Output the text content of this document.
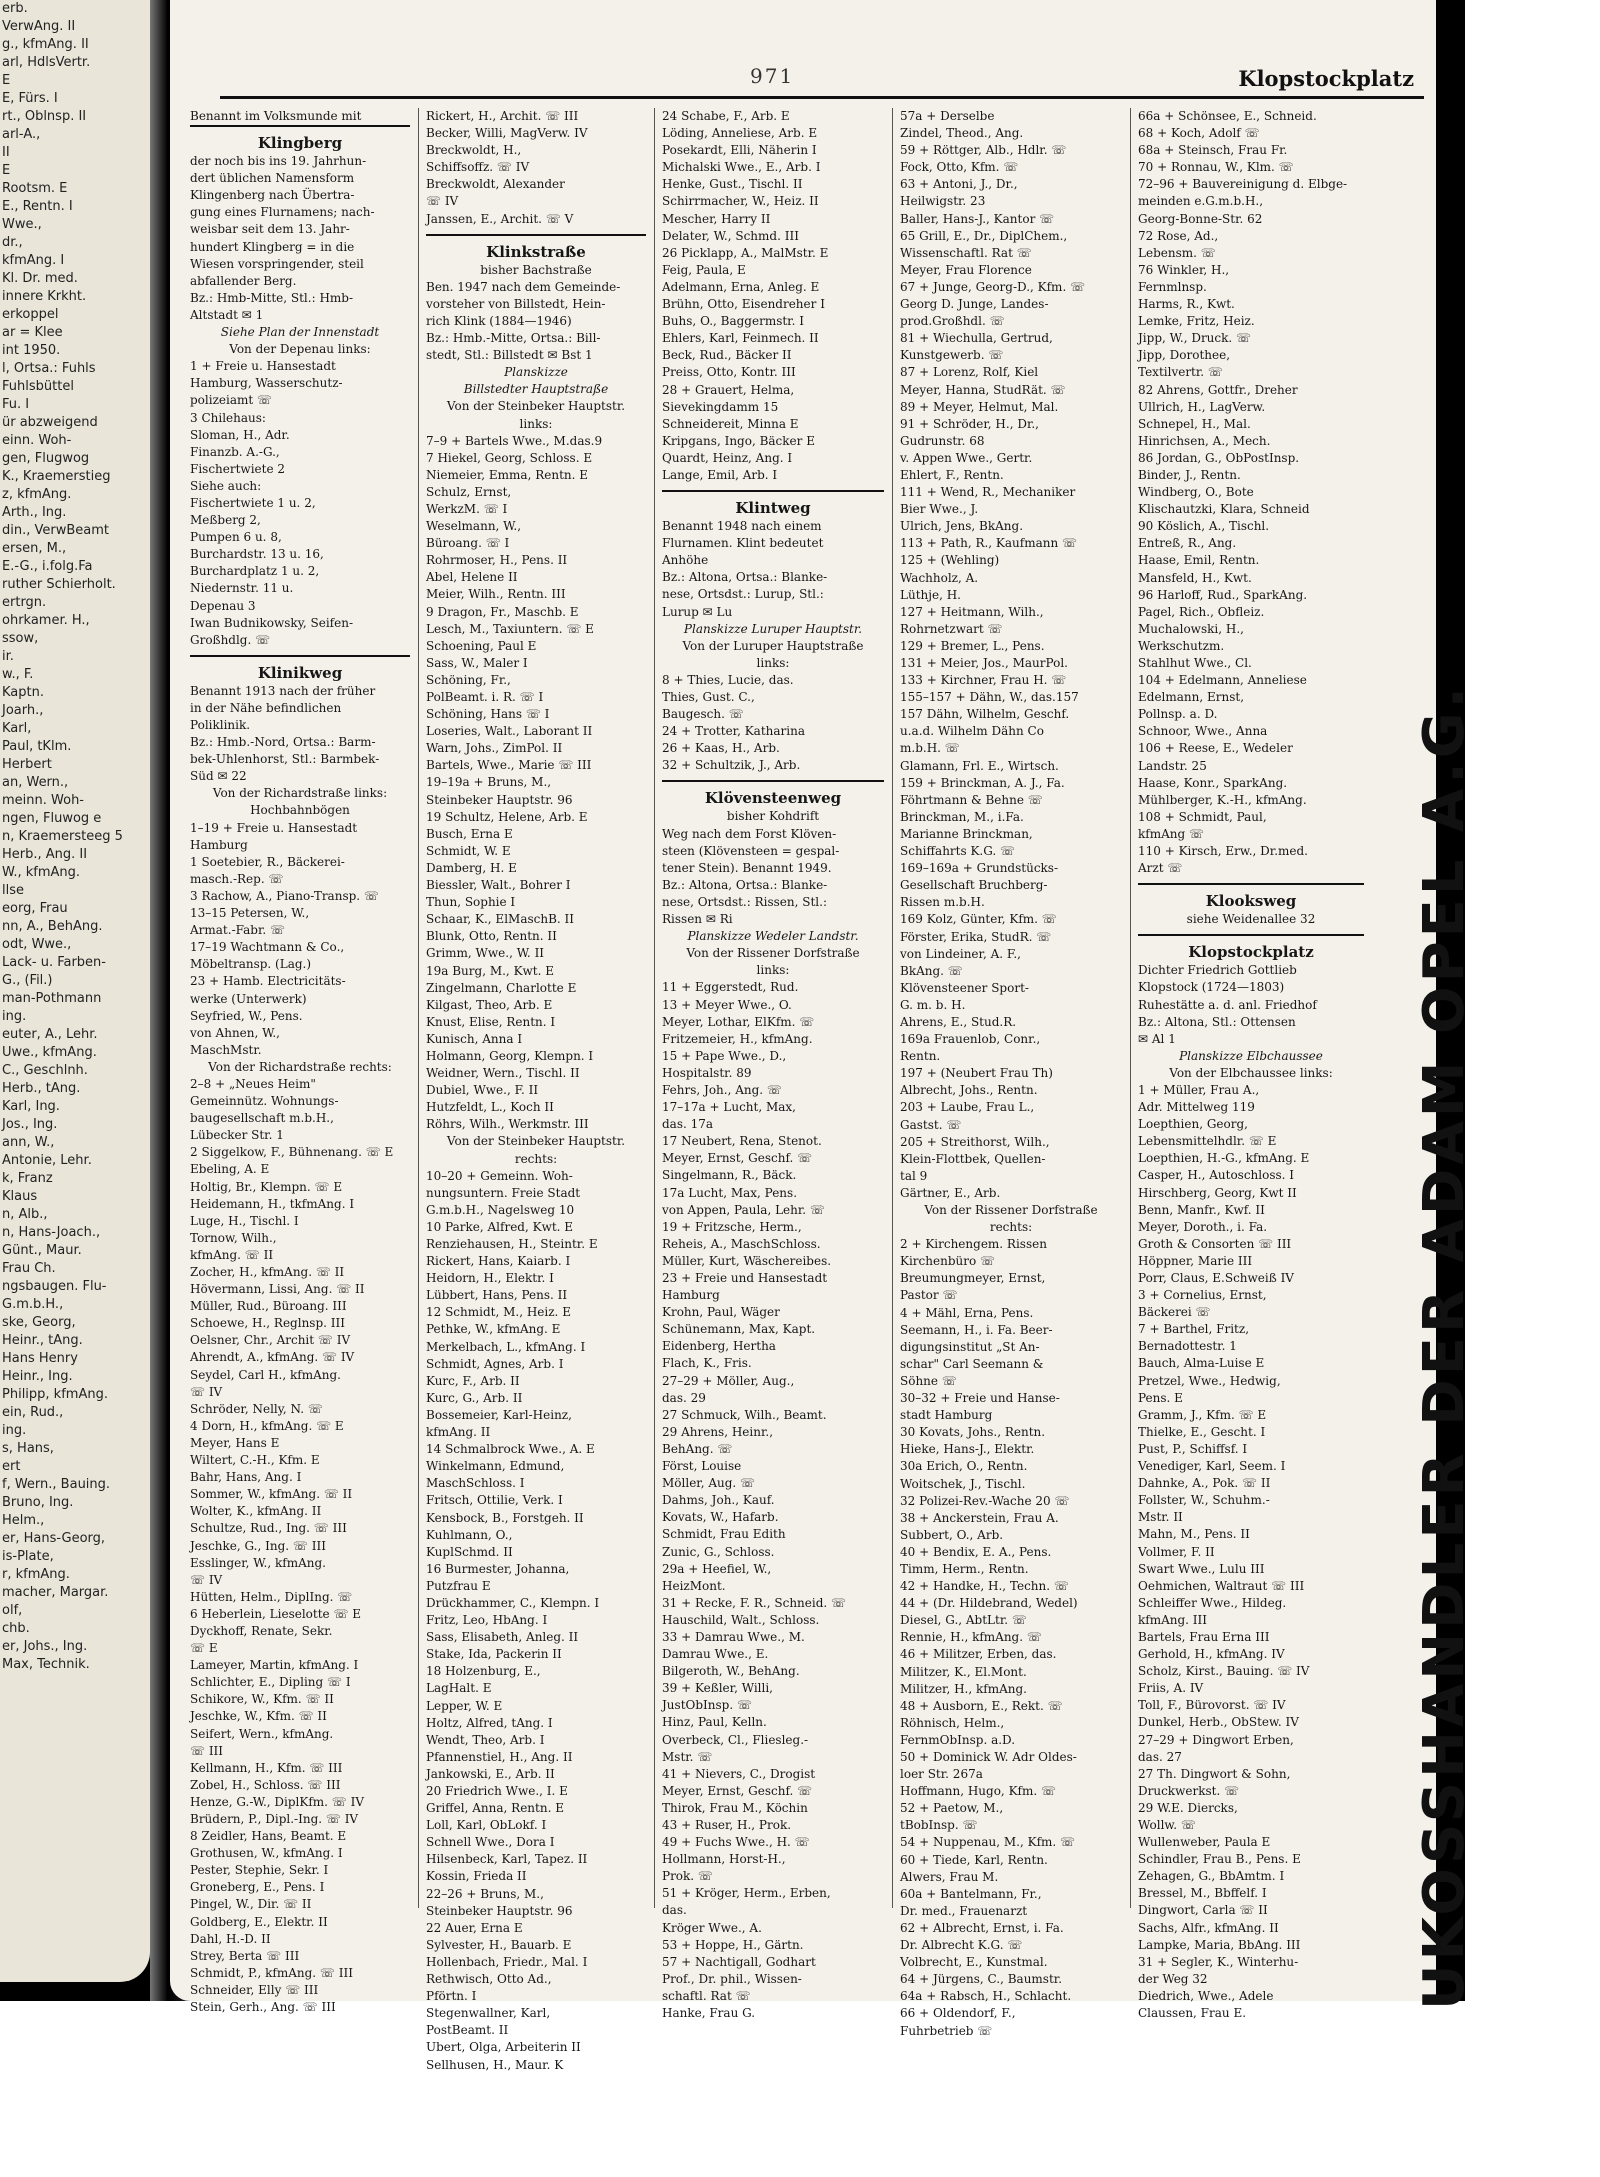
erb.
VerwAng. II
g., kfmAng. II
arl, HdlsVertr.
E
E, Fürs. I
rt., Oblnsp. II
arl-A.,
II
E
Rootsm. E
E., Rentn. I
Wwe.,
dr.,
kfmAng. I
Kl. Dr. med.
innere Krkht.
erkoppel
ar = Klee
int 1950.
l, Ortsa.: Fuhls
Fuhlsbüttel
Fu. I
ür abzweigend
einn. Woh-
gen, Flugwog
K., Kraemerstieg
z, kfmAng.
Arth., Ing.
din., VerwBeamt
ersen, M.,
E.-G., i.folg.Fa
ruther Schierholt.
ertrgn.
ohrkamer. H.,
ssow,
ir.
w., F.
Kaptn.
Joarh.,
Karl,
Paul, tKlm.
Herbert
an, Wern.,
meinn. Woh-
ngen, Fluwog e
n, Kraemersteeg 5
Herb., Ang. II
W., kfmAng.
llse
eorg, Frau
nn, A., BehAng.
odt, Wwe.,
Lack- u. Farben-
G., (Fil.)
man-Pothmann
ing.
euter, A., Lehr.
Uwe., kfmAng.
C., Geschlnh.
Herb., tAng.
Karl, Ing.
Jos., Ing.
ann, W.,
Antonie, Lehr.
k, Franz
Klaus
n, Alb.,
n, Hans-Joach.,
Günt., Maur.
Frau Ch.
ngsbaugen. Flu-
G.m.b.H.,
ske, Georg,
Heinr., tAng.
Hans Henry
Heinr., Ing.
Philipp, kfmAng.
ein, Rud.,
ing.
s, Hans,
ert
f, Wern., Bauing.
Bruno, Ing.
Helm.,
er, Hans-Georg,
is-Plate,
r, kfmAng.
macher, Margar.
olf,
chb.
er, Johs., Ing.
Max, Technik.
971	Klopstockplatz
Benannt im Volksmunde mit
Klingberg
der noch bis ins 19. Jahrhun-
dert üblichen Namensform
Klingenberg nach Übertra-
gung eines Flurnamens; nach-
weisbar seit dem 13. Jahr-
hundert Klingberg = in die
Wiesen vorspringender, steil
abfallender Berg.
Bz.: Hmb-Mitte, Stl.: Hmb-
Altstadt ✉ 1
Siehe Plan der Innenstadt
Von der Depenau links:
1 + Freie u. Hansestadt
Hamburg, Wasserschutz-
polizeiamt ☏
3 Chilehaus:
Sloman, H., Adr.
Finanzb. A.-G.,
Fischertwiete 2
Siehe auch:
Fischertwiete 1 u. 2,
Meßberg 2,
Pumpen 6 u. 8,
Burchardstr. 13 u. 16,
Burchardplatz 1 u. 2,
Niedernstr. 11 u.
Depenau 3
Iwan Budnikowsky, Seifen-
Großhdlg. ☏
Klinikweg
Benannt 1913 nach der früher
in der Nähe befindlichen
Poliklinik.
Bz.: Hmb.-Nord, Ortsa.: Barm-
bek-Uhlenhorst, Stl.: Barmbek-
Süd ✉ 22
Von der Richardstraße links:
Hochbahnbögen
1–19 + Freie u. Hansestadt
Hamburg
1 Soetebier, R., Bäckerei-
masch.-Rep. ☏
3 Rachow, A., Piano-Transp. ☏
13–15 Petersen, W.,
Armat.-Fabr. ☏
17–19 Wachtmann & Co.,
Möbeltransp. (Lag.)
23 + Hamb. Electricitäts-
werke (Unterwerk)
Seyfried, W., Pens.
von Ahnen, W.,
MaschMstr.
Von der Richardstraße rechts:
2–8 + „Neues Heim"
Gemeinnütz. Wohnungs-
baugesellschaft m.b.H.,
Lübecker Str. 1
2 Siggelkow, F., Bühnenang. ☏ E
Ebeling, A. E
Holtig, Br., Klempn. ☏ E
Heidemann, H., tkfmAng. I
Luge, H., Tischl. I
Tornow, Wilh.,
kfmAng. ☏ II
Zocher, H., kfmAng. ☏ II
Hövermann, Lissi, Ang. ☏ II
Müller, Rud., Büroang. III
Schoewe, H., Reglnsp. III
Oelsner, Chr., Archit ☏ IV
Ahrendt, A., kfmAng. ☏ IV
Seydel, Carl H., kfmAng.
☏ IV
Schröder, Nelly, N. ☏
4 Dorn, H., kfmAng. ☏ E
Meyer, Hans E
Wiltert, C.-H., Kfm. E
Bahr, Hans, Ang. I
Sommer, W., kfmAng. ☏ II
Wolter, K., kfmAng. II
Schultze, Rud., Ing. ☏ III
Jeschke, G., Ing. ☏ III
Esslinger, W., kfmAng.
☏ IV
Hütten, Helm., DiplIng. ☏
6 Heberlein, Lieselotte ☏ E
Dyckhoff, Renate, Sekr.
☏ E
Lameyer, Martin, kfmAng. I
Schlichter, E., Dipling ☏ I
Schikore, W., Kfm. ☏ II
Jeschke, W., Kfm. ☏ II
Seifert, Wern., kfmAng.
☏ III
Kellmann, H., Kfm. ☏ III
Zobel, H., Schloss. ☏ III
Henze, G.-W., DiplKfm. ☏ IV
Brüdern, P., Dipl.-Ing. ☏ IV
8 Zeidler, Hans, Beamt. E
Grothusen, W., kfmAng. I
Pester, Stephie, Sekr. I
Groneberg, E., Pens. I
Pingel, W., Dir. ☏ II
Goldberg, E., Elektr. II
Dahl, H.-D. II
Strey, Berta ☏ III
Schmidt, P., kfmAng. ☏ III
Schneider, Elly ☏ III
Stein, Gerh., Ang. ☏ III
Rickert, H., Archit. ☏ III
Becker, Willi, MagVerw. IV
Breckwoldt, H.,
Schiffsoffz. ☏ IV
Breckwoldt, Alexander
☏ IV
Janssen, E., Archit. ☏ V
Klinkstraße
bisher Bachstraße
Ben. 1947 nach dem Gemeinde-
vorsteher von Billstedt, Hein-
rich Klink (1884—1946)
Bz.: Hmb.-Mitte, Ortsa.: Bill-
stedt, Stl.: Billstedt ✉ Bst 1
Planskizze
Billstedter Hauptstraße
Von der Steinbeker Hauptstr.
links:
7–9 + Bartels Wwe., M.das.9
7 Hiekel, Georg, Schloss. E
Niemeier, Emma, Rentn. E
Schulz, Ernst,
WerkzM. ☏ I
Weselmann, W.,
Büroang. ☏ I
Rohrmoser, H., Pens. II
Abel, Helene II
Meier, Wilh., Rentn. III
9 Dragon, Fr., Maschb. E
Lesch, M., Taxiuntern. ☏ E
Schoening, Paul E
Sass, W., Maler I
Schöning, Fr.,
PolBeamt. i. R. ☏ I
Schöning, Hans ☏ I
Loseries, Walt., Laborant II
Warn, Johs., ZimPol. II
Bartels, Wwe., Marie ☏ III
19–19a + Bruns, M.,
Steinbeker Hauptstr. 96
19 Schultz, Helene, Arb. E
Busch, Erna E
Schmidt, W. E
Damberg, H. E
Biessler, Walt., Bohrer I
Thun, Sophie I
Schaar, K., ElMaschB. II
Blunk, Otto, Rentn. II
Grimm, Wwe., W. II
19a Burg, M., Kwt. E
Zingelmann, Charlotte E
Kilgast, Theo, Arb. E
Knust, Elise, Rentn. I
Kunisch, Anna I
Holmann, Georg, Klempn. I
Weidner, Wern., Tischl. II
Dubiel, Wwe., F. II
Hutzfeldt, L., Koch II
Röhrs, Wilh., Werkmstr. III
Von der Steinbeker Hauptstr.
rechts:
10–20 + Gemeinn. Woh-
nungsuntern. Freie Stadt
G.m.b.H., Nagelsweg 10
10 Parke, Alfred, Kwt. E
Renziehausen, H., Steintr. E
Rickert, Hans, Kaiarb. I
Heidorn, H., Elektr. I
Lübbert, Hans, Pens. II
12 Schmidt, M., Heiz. E
Pethke, W., kfmAng. E
Merkelbach, L., kfmAng. I
Schmidt, Agnes, Arb. I
Kurc, F., Arb. II
Kurc, G., Arb. II
Bossemeier, Karl-Heinz,
kfmAng. II
14 Schmalbrock Wwe., A. E
Winkelmann, Edmund,
MaschSchloss. I
Fritsch, Ottilie, Verk. I
Kensbock, B., Forstgeh. II
Kuhlmann, O.,
KuplSchmd. II
16 Burmester, Johanna,
Putzfrau E
Drückhammer, C., Klempn. I
Fritz, Leo, HbAng. I
Sass, Elisabeth, Anleg. II
Stake, Ida, Packerin II
18 Holzenburg, E.,
LagHalt. E
Lepper, W. E
Holtz, Alfred, tAng. I
Wendt, Theo, Arb. I
Pfannenstiel, H., Ang. II
Jankowski, E., Arb. II
20 Friedrich Wwe., I. E
Griffel, Anna, Rentn. E
Loll, Karl, ObLokf. I
Schnell Wwe., Dora I
Hilsenbeck, Karl, Tapez. II
Kossin, Frieda II
22–26 + Bruns, M.,
Steinbeker Hauptstr. 96
22 Auer, Erna E
Sylvester, H., Bauarb. E
Hollenbach, Friedr., Mal. I
Rethwisch, Otto Ad.,
Pförtn. I
Stegenwallner, Karl,
PostBeamt. II
Ubert, Olga, Arbeiterin II
Sellhusen, H., Maur. K
24 Schabe, F., Arb. E
Löding, Anneliese, Arb. E
Posekardt, Elli, Näherin I
Michalski Wwe., E., Arb. I
Henke, Gust., Tischl. II
Schirrmacher, W., Heiz. II
Mescher, Harry II
Delater, W., Schmd. III
26 Picklapp, A., MalMstr. E
Feig, Paula, E
Adelmann, Erna, Anleg. E
Brühn, Otto, Eisendreher I
Buhs, O., Baggermstr. I
Ehlers, Karl, Feinmech. II
Beck, Rud., Bäcker II
Preiss, Otto, Kontr. III
28 + Grauert, Helma,
Sievekingdamm 15
Schneidereit, Minna E
Kripgans, Ingo, Bäcker E
Quardt, Heinz, Ang. I
Lange, Emil, Arb. I
Klintweg
Benannt 1948 nach einem
Flurnamen. Klint bedeutet
Anhöhe
Bz.: Altona, Ortsa.: Blanke-
nese, Ortsdst.: Lurup, Stl.:
Lurup ✉ Lu
Planskizze Luruper Hauptstr.
Von der Luruper Hauptstraße
links:
8 + Thies, Lucie, das.
Thies, Gust. C.,
Baugesch. ☏
24 + Trotter, Katharina
26 + Kaas, H., Arb.
32 + Schultzik, J., Arb.
Klövensteenweg
bisher Kohdrift
Weg nach dem Forst Klöven-
steen (Klövensteen = gespal-
tener Stein). Benannt 1949.
Bz.: Altona, Ortsa.: Blanke-
nese, Ortsdst.: Rissen, Stl.:
Rissen ✉ Ri
Planskizze Wedeler Landstr.
Von der Rissener Dorfstraße
links:
11 + Eggerstedt, Rud.
13 + Meyer Wwe., O.
Meyer, Lothar, ElKfm. ☏
Fritzemeier, H., kfmAng.
15 + Pape Wwe., D.,
Hospitalstr. 89
Fehrs, Joh., Ang. ☏
17–17a + Lucht, Max,
das. 17a
17 Neubert, Rena, Stenot.
Meyer, Ernst, Geschf. ☏
Singelmann, R., Bäck.
17a Lucht, Max, Pens.
von Appen, Paula, Lehr. ☏
19 + Fritzsche, Herm.,
Reheis, A., MaschSchloss.
Müller, Kurt, Wäschereibes.
23 + Freie und Hansestadt
Hamburg
Krohn, Paul, Wäger
Schünemann, Max, Kapt.
Eidenberg, Hertha
Flach, K., Fris.
27–29 + Möller, Aug.,
das. 29
27 Schmuck, Wilh., Beamt.
29 Ahrens, Heinr.,
BehAng. ☏
Först, Louise
Möller, Aug. ☏
Dahms, Joh., Kauf.
Kovats, W., Hafarb.
Schmidt, Frau Edith
Zunic, G., Schloss.
29a + Heefiel, W.,
HeizMont.
31 + Recke, F. R., Schneid. ☏
Hauschild, Walt., Schloss.
33 + Damrau Wwe., M.
Damrau Wwe., E.
Bilgeroth, W., BehAng.
39 + Keßler, Willi,
JustObInsp. ☏
Hinz, Paul, Kelln.
Overbeck, Cl., Fliesleg.-
Mstr. ☏
41 + Nievers, C., Drogist
Meyer, Ernst, Geschf. ☏
Thirok, Frau M., Köchin
43 + Ruser, H., Prok.
49 + Fuchs Wwe., H. ☏
Hollmann, Horst-H.,
Prok. ☏
51 + Kröger, Herm., Erben,
das.
Kröger Wwe., A.
53 + Hoppe, H., Gärtn.
57 + Nachtigall, Godhart
Prof., Dr. phil., Wissen-
schaftl. Rat ☏
Hanke, Frau G.
57a + Derselbe
Zindel, Theod., Ang.
59 + Röttger, Alb., Hdlr. ☏
Fock, Otto, Kfm. ☏
63 + Antoni, J., Dr.,
Heilwigstr. 23
Baller, Hans-J., Kantor ☏
65 Grill, E., Dr., DiplChem.,
Wissenschaftl. Rat ☏
Meyer, Frau Florence
67 + Junge, Georg-D., Kfm. ☏
Georg D. Junge, Landes-
prod.Großhdl. ☏
81 + Wiechulla, Gertrud,
Kunstgewerb. ☏
87 + Lorenz, Rolf, Kiel
Meyer, Hanna, StudRät. ☏
89 + Meyer, Helmut, Mal.
91 + Schröder, H., Dr.,
Gudrunstr. 68
v. Appen Wwe., Gertr.
Ehlert, F., Rentn.
111 + Wend, R., Mechaniker
Bier Wwe., J.
Ulrich, Jens, BkAng.
113 + Path, R., Kaufmann ☏
125 + (Wehling)
Wachholz, A.
Lüthje, H.
127 + Heitmann, Wilh.,
Rohrnetzwart ☏
129 + Bremer, L., Pens.
131 + Meier, Jos., MaurPol.
133 + Kirchner, Frau H. ☏
155–157 + Dähn, W., das.157
157 Dähn, Wilhelm, Geschf.
u.a.d. Wilhelm Dähn Co
m.b.H. ☏
Glamann, Frl. E., Wirtsch.
159 + Brinckman, A. J., Fa.
Föhrtmann & Behne ☏
Brinckman, M., i.Fa.
Marianne Brinckman,
Schiffahrts K.G. ☏
169–169a + Grundstücks-
Gesellschaft Bruchberg-
Rissen m.b.H.
169 Kolz, Günter, Kfm. ☏
Förster, Erika, StudR. ☏
von Lindeiner, A. F.,
BkAng. ☏
Klövensteener Sport-
G. m. b. H.
Ahrens, E., Stud.R.
169a Frauenlob, Conr.,
Rentn.
197 + (Neubert Frau Th)
Albrecht, Johs., Rentn.
203 + Laube, Frau L.,
Gastst. ☏
205 + Streithorst, Wilh.,
Klein-Flottbek, Quellen-
tal 9
Gärtner, E., Arb.
Von der Rissener Dorfstraße
rechts:
2 + Kirchengem. Rissen
Kirchenbüro ☏
Breumungmeyer, Ernst,
Pastor ☏
4 + Mähl, Erna, Pens.
Seemann, H., i. Fa. Beer-
digungsinstitut „St An-
schar" Carl Seemann &
Söhne ☏
30–32 + Freie und Hanse-
stadt Hamburg
30 Kovats, Johs., Rentn.
Hieke, Hans-J., Elektr.
30a Erich, O., Rentn.
Woitschek, J., Tischl.
32 Polizei-Rev.-Wache 20 ☏
38 + Anckerstein, Frau A.
Subbert, O., Arb.
40 + Bendix, E. A., Pens.
Timm, Herm., Rentn.
42 + Handke, H., Techn. ☏
44 + (Dr. Hildebrand, Wedel)
Diesel, G., AbtLtr. ☏
Rennie, H., kfmAng. ☏
46 + Militzer, Erben, das.
Militzer, K., El.Mont.
Militzer, H., kfmAng.
48 + Ausborn, E., Rekt. ☏
Röhnisch, Helm.,
FernmObInsp. a.D.
50 + Dominick W. Adr Oldes-
loer Str. 267a
Hoffmann, Hugo, Kfm. ☏
52 + Paetow, M.,
tBobInsp. ☏
54 + Nuppenau, M., Kfm. ☏
60 + Tiede, Karl, Rentn.
Alwers, Frau M.
60a + Bantelmann, Fr.,
Dr. med., Frauenarzt
62 + Albrecht, Ernst, i. Fa.
Dr. Albrecht K.G. ☏
Volbrecht, E., Kunstmal.
64 + Jürgens, C., Baumstr.
64a + Rabsch, H., Schlacht.
66 + Oldendorf, F.,
Fuhrbetrieb ☏
66a + Schönsee, E., Schneid.
68 + Koch, Adolf ☏
68a + Steinsch, Frau Fr.
70 + Ronnau, W., Klm. ☏
72–96 + Bauvereinigung d. Elbge-
meinden e.G.m.b.H.,
Georg-Bonne-Str. 62
72 Rose, Ad.,
Lebensm. ☏
76 Winkler, H.,
Fernmlnsp.
Harms, R., Kwt.
Lemke, Fritz, Heiz.
Jipp, W., Druck. ☏
Jipp, Dorothee,
Textilvertr. ☏
82 Ahrens, Gottfr., Dreher
Ullrich, H., LagVerw.
Schnepel, H., Mal.
Hinrichsen, A., Mech.
86 Jordan, G., ObPostInsp.
Binder, J., Rentn.
Windberg, O., Bote
Klischautzki, Klara, Schneid
90 Köslich, A., Tischl.
Entreß, R., Ang.
Haase, Emil, Rentn.
Mansfeld, H., Kwt.
96 Harloff, Rud., SparkAng.
Pagel, Rich., Obfleiz.
Muchalowski, H.,
Werkschutzm.
Stahlhut Wwe., Cl.
104 + Edelmann, Anneliese
Edelmann, Ernst,
Pollnsp. a. D.
Schnoor, Wwe., Anna
106 + Reese, E., Wedeler
Landstr. 25
Haase, Konr., SparkAng.
Mühlberger, K.-H., kfmAng.
108 + Schmidt, Paul,
kfmAng ☏
110 + Kirsch, Erw., Dr.med.
Arzt ☏
Klooksweg
siehe Weidenallee 32
Klopstockplatz
Dichter Friedrich Gottlieb
Klopstock (1724—1803)
Ruhestätte a. d. anl. Friedhof
Bz.: Altona, Stl.: Ottensen
✉ Al 1
Planskizze Elbchaussee
Von der Elbchaussee links:
1 + Müller, Frau A.,
Adr. Mittelweg 119
Loepthien, Georg,
Lebensmittelhdlr. ☏ E
Loepthien, H.-G., kfmAng. E
Casper, H., Autoschloss. I
Hirschberg, Georg, Kwt II
Benn, Manfr., Kwf. II
Meyer, Doroth., i. Fa.
Groth & Consorten ☏ III
Höppner, Marie III
Porr, Claus, E.Schweiß IV
3 + Cornelius, Ernst,
Bäckerei ☏
7 + Barthel, Fritz,
Bernadottestr. 1
Bauch, Alma-Luise E
Pretzel, Wwe., Hedwig,
Pens. E
Gramm, J., Kfm. ☏ E
Thielke, E., Gescht. I
Pust, P., Schiffsf. I
Venediger, Karl, Seem. I
Dahnke, A., Pok. ☏ II
Follster, W., Schuhm.-
Mstr. II
Mahn, M., Pens. II
Vollmer, F. II
Swart Wwe., Lulu III
Oehmichen, Waltraut ☏ III
Schleiffer Wwe., Hildeg.
kfmAng. III
Bartels, Frau Erna III
Gerhold, H., kfmAng. IV
Scholz, Kirst., Bauing. ☏ IV
Friis, A. IV
Toll, F., Bürovorst. ☏ IV
Dunkel, Herb., ObStew. IV
27–29 + Dingwort Erben,
das. 27
27 Th. Dingwort & Sohn,
Druckwerkst. ☏
29 W.E. Diercks,
Wollw. ☏
Wullenweber, Paula E
Schindler, Frau B., Pens. E
Zehagen, G., BbAmtm. I
Bressel, M., Bbffelf. I
Dingwort, Carla ☏ II
Sachs, Alfr., kfmAng. II
Lampke, Maria, BbAng. III
31 + Segler, K., Winterhu-
der Weg 32
Diedrich, Wwe., Adele
Claussen, Frau E.
UKOSSHANDLER DER ADAM OPEL A.G.
